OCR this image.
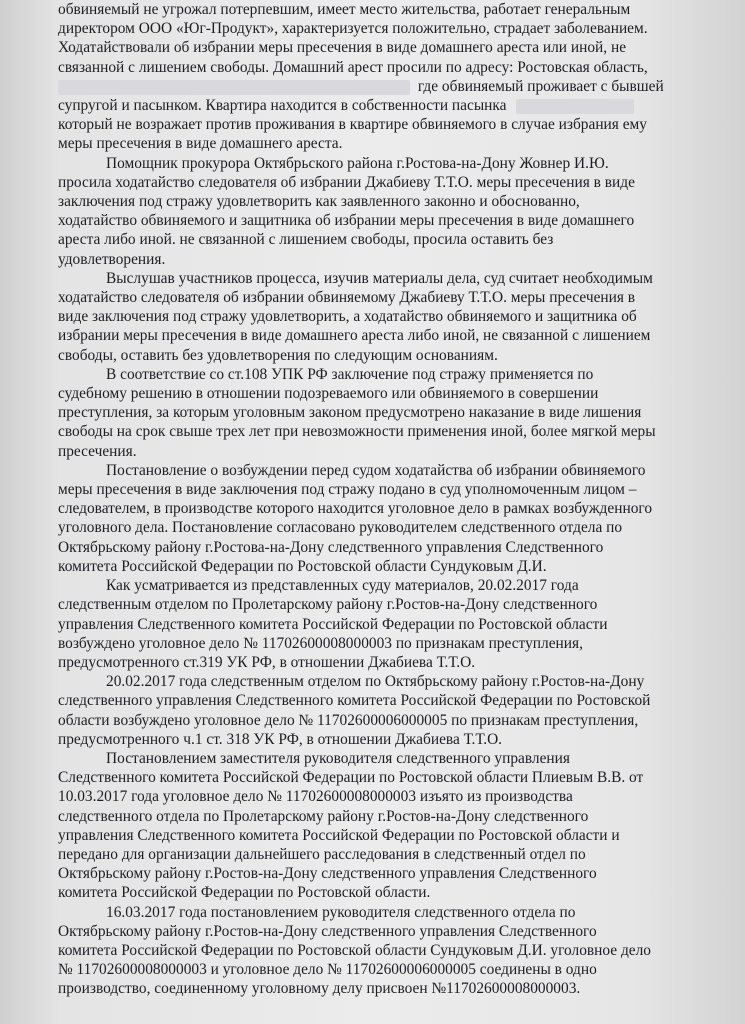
обвиняемый не угрожал потерпевшим, имеет место жительства, работает генеральным
директором ООО «Юг-Продукт», характеризуется положительно, страдает заболеванием.
Ходатайствовали об избрании меры пресечения в виде домашнего ареста или иной, не
связанной с лишением свободы. Домашний арест просили по адресу: Ростовская область,
где обвиняемый проживает с бывшей
супругой и пасынком. Квартира находится в собственности пасынка
который не возражает против проживания в квартире обвиняемого в случае избрания ему
меры пресечения в виде домашнего ареста.
Помощник прокурора Октябрьского района г.Ростова-на-Дону Жовнер И.Ю.
просила ходатайство следователя об избрании Джабиеву Т.Т.О. меры пресечения в виде
заключения под стражу удовлетворить как заявленного законно и обоснованно,
ходатайство обвиняемого и защитника об избрании меры пресечения в виде домашнего
ареста либо иной. не связанной с лишением свободы, просила оставить без
удовлетворения.
Выслушав участников процесса, изучив материалы дела, суд считает необходимым
ходатайство следователя об избрании обвиняемому Джабиеву Т.Т.О. меры пресечения в
виде заключения под стражу удовлетворить, а ходатайство обвиняемого и защитника об
избрании меры пресечения в виде домашнего ареста либо иной, не связанной с лишением
свободы, оставить без удовлетворения по следующим основаниям.
В соответствие со ст.108 УПК РФ заключение под стражу применяется по
судебному решению в отношении подозреваемого или обвиняемого в совершении
преступления, за которым уголовным законом предусмотрено наказание в виде лишения
свободы на срок свыше трех лет при невозможности применения иной, более мягкой меры
пресечения.
Постановление о возбуждении перед судом ходатайства об избрании обвиняемого
меры пресечения в виде заключения под стражу подано в суд уполномоченным лицом –
следователем, в производстве которого находится уголовное дело в рамках возбужденного
уголовного дела. Постановление согласовано руководителем следственного отдела по
Октябрьскому району г.Ростова-на-Дону следственного управления Следственного
комитета Российской Федерации по Ростовской области Сундуковым Д.И.
Как усматривается из представленных суду материалов, 20.02.2017 года
следственным отделом по Пролетарскому району г.Ростов-на-Дону следственного
управления Следственного комитета Российской Федерации по Ростовской области
возбуждено уголовное дело № 11702600008000003 по признакам преступления,
предусмотренного ст.319 УК РФ, в отношении Джабиева Т.Т.О.
20.02.2017 года следственным отделом по Октябрьскому району г.Ростов-на-Дону
следственного управления Следственного комитета Российской Федерации по Ростовской
области возбуждено уголовное дело № 11702600006000005 по признакам преступления,
предусмотренного ч.1 ст. 318 УК РФ, в отношении Джабиева Т.Т.О.
Постановлением заместителя руководителя следственного управления
Следственного комитета Российской Федерации по Ростовской области Плиевым В.В. от
10.03.2017 года уголовное дело № 11702600008000003 изъято из производства
следственного отдела по Пролетарскому району г.Ростов-на-Дону следственного
управления Следственного комитета Российской Федерации по Ростовской области и
передано для организации дальнейшего расследования в следственный отдел по
Октябрьскому району г.Ростов-на-Дону следственного управления Следственного
комитета Российской Федерации по Ростовской области.
16.03.2017 года постановлением руководителя следственного отдела по
Октябрьскому району г.Ростов-на-Дону следственного управления Следственного
комитета Российской Федерации по Ростовской области Сундуковым Д.И. уголовное дело
№ 11702600008000003 и уголовное дело № 11702600006000005 соединены в одно
производство, соединенному уголовному делу присвоен №11702600008000003.
